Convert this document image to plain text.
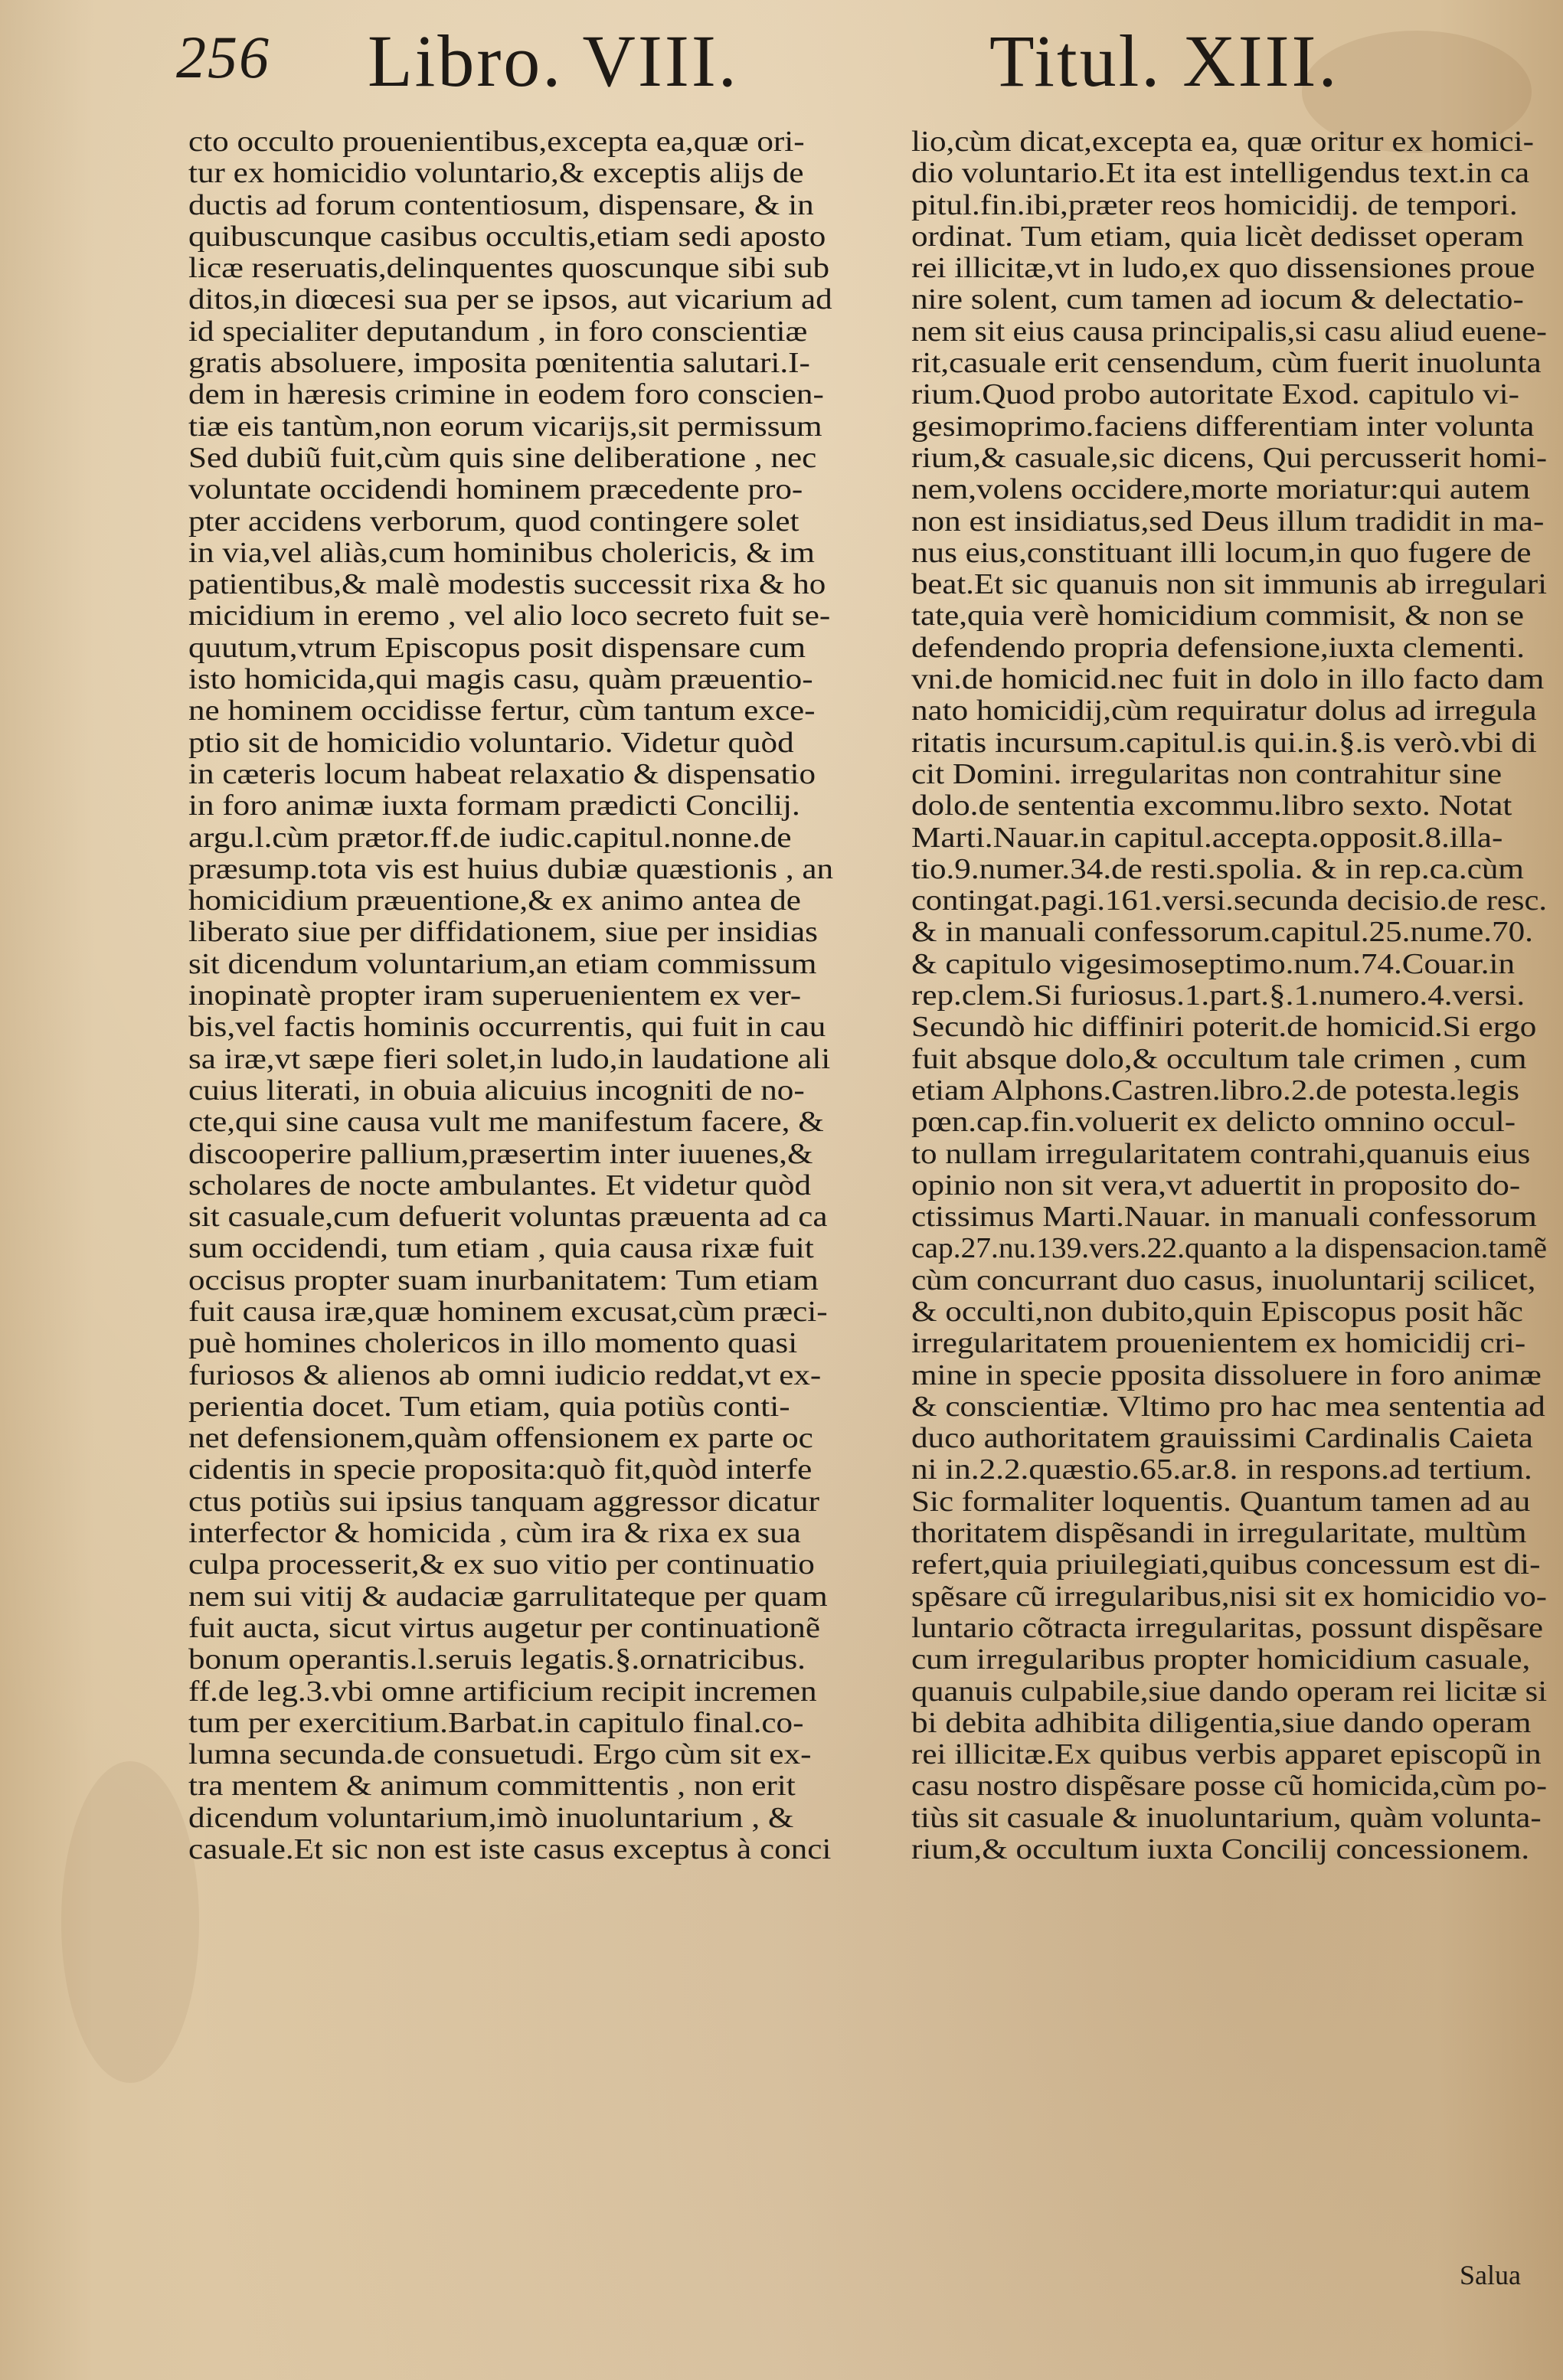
256 Libro. VIII.	Titul. XIII.
cto occulto prouenientibus,excepta ea,quæ ori-
tur ex homicidio voluntario,& exceptis alijs de
ductis ad forum contentiosum, dispensare, & in
quibuscunque casibus occultis,etiam sedi aposto
licæ reseruatis,delinquentes quoscunque sibi sub
ditos,in diœcesi sua per se ipsos, aut vicarium ad
id specialiter deputandum , in foro conscientiæ
gratis absoluere, imposita pœnitentia salutari.I-
dem in hæresis crimine in eodem foro conscien-
tiæ eis tantùm,non eorum vicarijs,sit permissum
Sed dubiũ fuit,cùm quis sine deliberatione , nec
voluntate occidendi hominem præcedente pro-
pter accidens verborum, quod contingere solet
in via,vel aliàs,cum hominibus cholericis, & im
patientibus,& malè modestis successit rixa & ho
micidium in eremo , vel alio loco secreto fuit se-
quutum,vtrum Episcopus posit dispensare cum
isto homicida,qui magis casu, quàm præuentio-
ne hominem occidisse fertur, cùm tantum exce-
ptio sit de homicidio voluntario. Videtur quòd
in cæteris locum habeat relaxatio & dispensatio
in foro animæ iuxta formam prædicti Concilij.
argu.l.cùm prætor.ff.de iudic.capitul.nonne.de
præsump.tota vis est huius dubiæ quæstionis , an
homicidium præuentione,& ex animo antea de
liberato siue per diffidationem, siue per insidias
sit dicendum voluntarium,an etiam commissum
inopinatè propter iram superuenientem ex ver-
bis,vel factis hominis occurrentis, qui fuit in cau
sa iræ,vt sæpe fieri solet,in ludo,in laudatione ali
cuius literati, in obuia alicuius incogniti de no-
cte,qui sine causa vult me manifestum facere, &
discooperire pallium,præsertim inter iuuenes,&
scholares de nocte ambulantes. Et videtur quòd
sit casuale,cum defuerit voluntas præuenta ad ca
sum occidendi, tum etiam , quia causa rixæ fuit
occisus propter suam inurbanitatem: Tum etiam
fuit causa iræ,quæ hominem excusat,cùm præci-
puè homines cholericos in illo momento quasi
furiosos & alienos ab omni iudicio reddat,vt ex-
perientia docet. Tum etiam, quia potiùs conti-
net defensionem,quàm offensionem ex parte oc
cidentis in specie proposita:quò fit,quòd interfe
ctus potiùs sui ipsius tanquam aggressor dicatur
interfector & homicida , cùm ira & rixa ex sua
culpa processerit,& ex suo vitio per continuatio
nem sui vitij & audaciæ garrulitateque per quam
fuit aucta, sicut virtus augetur per continuationẽ
bonum operantis.l.seruis legatis.§.ornatricibus.
ff.de leg.3.vbi omne artificium recipit incremen
tum per exercitium.Barbat.in capitulo final.co-
lumna secunda.de consuetudi. Ergo cùm sit ex-
tra mentem & animum committentis , non erit
dicendum voluntarium,imò inuoluntarium , &
casuale.Et sic non est iste casus exceptus à conci
lio,cùm dicat,excepta ea, quæ oritur ex homici-
dio voluntario.Et ita est intelligendus text.in ca
pitul.fin.ibi,præter reos homicidij. de tempori.
ordinat. Tum etiam, quia licèt dedisset operam
rei illicitæ,vt in ludo,ex quo dissensiones proue
nire solent, cum tamen ad iocum & delectatio-
nem sit eius causa principalis,si casu aliud euene-
rit,casuale erit censendum, cùm fuerit inuolunta
rium.Quod probo autoritate Exod. capitulo vi-
gesimoprimo.faciens differentiam inter volunta
rium,& casuale,sic dicens, Qui percusserit homi-
nem,volens occidere,morte moriatur:qui autem
non est insidiatus,sed Deus illum tradidit in ma-
nus eius,constituant illi locum,in quo fugere de
beat.Et sic quanuis non sit immunis ab irregulari
tate,quia verè homicidium commisit, & non se
defendendo propria defensione,iuxta clementi.
vni.de homicid.nec fuit in dolo in illo facto dam
nato homicidij,cùm requiratur dolus ad irregula
ritatis incursum.capitul.is qui.in.§.is verò.vbi di
cit Domini. irregularitas non contrahitur sine
dolo.de sententia excommu.libro sexto. Notat
Marti.Nauar.in capitul.accepta.opposit.8.illa-
tio.9.numer.34.de resti.spolia. & in rep.ca.cùm
contingat.pagi.161.versi.secunda decisio.de resc.
& in manuali confessorum.capitul.25.nume.70.
& capitulo vigesimoseptimo.num.74.Couar.in
rep.clem.Si furiosus.1.part.§.1.numero.4.versi.
Secundò hic diffiniri poterit.de homicid.Si ergo
fuit absque dolo,& occultum tale crimen , cum
etiam Alphons.Castren.libro.2.de potesta.legis
pœn.cap.fin.voluerit ex delicto omnino occul-
to nullam irregularitatem contrahi,quanuis eius
opinio non sit vera,vt aduertit in proposito do-
ctissimus Marti.Nauar. in manuali confessorum
cap.27.nu.139.vers.22.quanto a la dispensacion.tamẽ
cùm concurrant duo casus, inuoluntarij scilicet,
& occulti,non dubito,quin Episcopus posit hãc
irregularitatem prouenientem ex homicidij cri-
mine in specie pposita dissoluere in foro animæ
& conscientiæ. Vltimo pro hac mea sententia ad
duco authoritatem grauissimi Cardinalis Caieta
ni in.2.2.quæstio.65.ar.8. in respons.ad tertium.
Sic formaliter loquentis. Quantum tamen ad au
thoritatem dispẽsandi in irregularitate, multùm
refert,quia priuilegiati,quibus concessum est di-
spẽsare cũ irregularibus,nisi sit ex homicidio vo-
luntario cõtracta irregularitas, possunt dispẽsare
cum irregularibus propter homicidium casuale,
quanuis culpabile,siue dando operam rei licitæ si
bi debita adhibita diligentia,siue dando operam
rei illicitæ.Ex quibus verbis apparet episcopũ in
casu nostro dispẽsare posse cũ homicida,cùm po-
tiùs sit casuale & inuoluntarium, quàm volunta-
rium,& occultum iuxta Concilij concessionem.
Salua
